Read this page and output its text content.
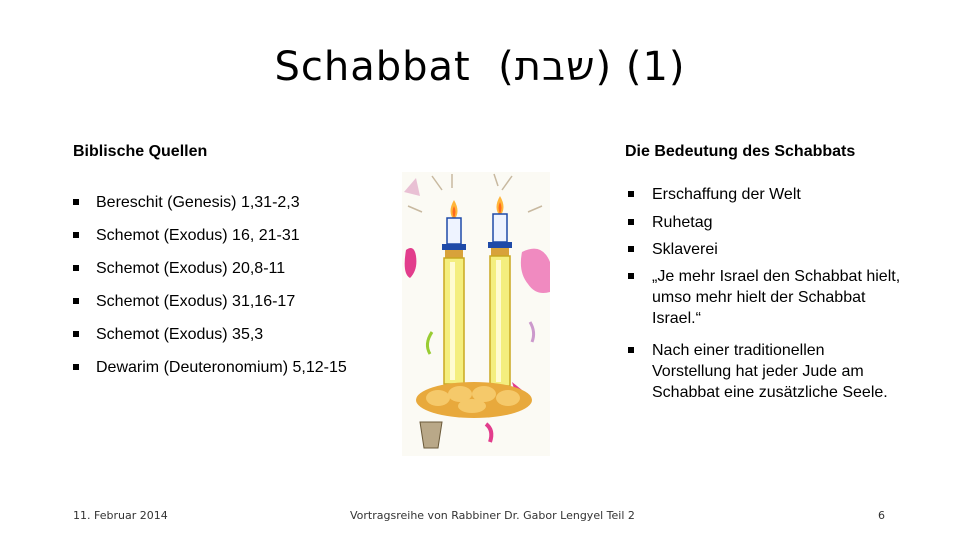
Schabbat (שבת) (1)
Biblische Quellen	Die Bedeutung des Schabbats
Bereschit (Genesis) 1,31-2,3
Schemot (Exodus) 16, 21-31
Schemot (Exodus) 20,8-11
Schemot (Exodus) 31,16-17
Schemot (Exodus) 35,3
Dewarim (Deuteronomium) 5,12-15
Erschaffung der Welt
Ruhetag
Sklaverei
„Je mehr Israel den Schabbat hielt, umso mehr hielt der Schabbat Israel.“
Nach einer traditionellen Vorstellung hat jeder Jude am Schabbat eine zusätzliche Seele.
11. Februar 2014	Vortragsreihe von Rabbiner Dr. Gabor Lengyel Teil 2	6
